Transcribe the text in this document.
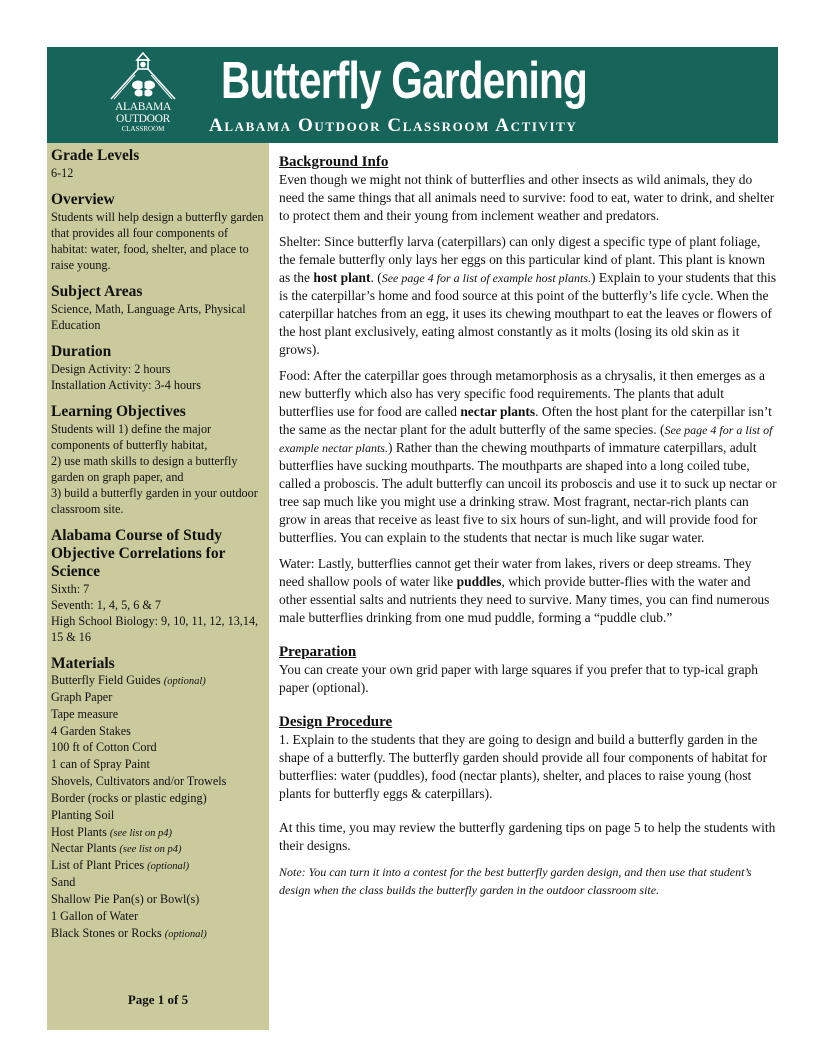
ALABAMA
OUTDOOR
CLASSROOM
Butterfly Gardening
Alabama Outdoor Classroom Activity

Grade Levels

6-12

Overview

Students will help design a butterfly garden that provides all four components of habitat: water, food, shelter, and place to raise young.

Subject Areas

Science, Math, Language Arts, Physical Education

Duration

Design Activity: 2 hours

Installation Activity: 3-4 hours

Learning Objectives

Students will 1) define the major components of butterfly habitat,

2) use math skills to design a butterfly garden on graph paper, and

3) build a butterfly garden in your outdoor classroom site.

Alabama Course of Study Objective Correlations for Science

Sixth: 7

Seventh: 1, 4, 5, 6 & 7

High School Biology: 9, 10, 11, 12, 13,14, 15 & 16

Materials

Butterfly Field Guides (optional)
Graph Paper
Tape measure
4 Garden Stakes
100 ft of Cotton Cord
1 can of Spray Paint
Shovels, Cultivators and/or Trowels
Border (rocks or plastic edging)
Planting Soil
Host Plants (see list on p4)
Nectar Plants (see list on p4)
List of Plant Prices (optional)
Sand
Shallow Pie Pan(s) or Bowl(s)
1 Gallon of Water
Black Stones or Rocks (optional)
Page 1 of 5

Background Info

Even though we might not think of butterflies and other insects as wild animals, they do need the same things that all animals need to survive: food to eat, water to drink, and shelter to protect them and their young from inclement weather and predators.

Shelter: Since butterfly larva (caterpillars) can only digest a specific type of plant foliage, the female butterfly only lays her eggs on this particular kind of plant. This plant is known as the host plant. (See page 4 for a list of example host plants.) Explain to your students that this is the caterpillar’s home and food source at this point of the butterfly’s life cycle. When the caterpillar hatches from an egg, it uses its chewing mouthpart to eat the leaves or flowers of the host plant exclusively, eating almost constantly as it molts (losing its old skin as it grows).

Food: After the caterpillar goes through metamorphosis as a chrysalis, it then emerges as a new butterfly which also has very specific food requirements. The plants that adult butterflies use for food are called nectar plants. Often the host plant for the caterpillar isn’t the same as the nectar plant for the adult butterfly of the same species. (See page 4 for a list of example nectar plants.) Rather than the chewing mouthparts of immature caterpillars, adult butterflies have sucking mouthparts. The mouthparts are shaped into a long coiled tube, called a proboscis. The adult butterfly can uncoil its proboscis and use it to suck up nectar or tree sap much like you might use a drinking straw. Most fragrant, nectar-rich plants can grow in areas that receive as least five to six hours of sun-light, and will provide food for butterflies. You can explain to the students that nectar is much like sugar water.

Water: Lastly, butterflies cannot get their water from lakes, rivers or deep streams. They need shallow pools of water like puddles, which provide butter-flies with the water and other essential salts and nutrients they need to survive. Many times, you can find numerous male butterflies drinking from one mud puddle, forming a “puddle club.”

Preparation

You can create your own grid paper with large squares if you prefer that to typ-ical graph paper (optional).

Design Procedure

1. Explain to the students that they are going to design and build a butterfly garden in the shape of a butterfly. The butterfly garden should provide all four components of habitat for butterflies: water (puddles), food (nectar plants), shelter, and places to raise young (host plants for butterfly eggs & caterpillars).

At this time, you may review the butterfly gardening tips on page 5 to help the students with their designs.

Note: You can turn it into a contest for the best butterfly garden design, and then use that student’s design when the class builds the butterfly garden in the outdoor classroom site.
